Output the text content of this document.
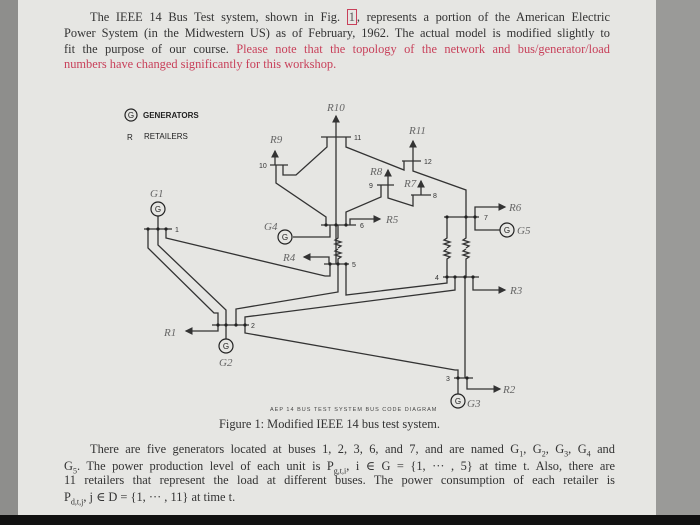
The IEEE 14 Bus Test system, shown in Fig. 1 , represents a portion of the American Electric
Power System (in the Midwestern US) as of February, 1962. The actual model is modified slightly to
fit the purpose of our course. Please note that the topology of the network and bus/generator/load
numbers have changed significantly for this workshop.
G
G
G
G
G
G
GENERATORS
R RETAILERS
G1
G2
G3
G4	G5
R1
R2
R3
R4
R5
R6
R7
R8
R9
R10
R11
1
2
3
4
5
6
7
8
9
10
11
12
AEP 14 BUS TEST SYSTEM BUS CODE DIAGRAM
Figure 1: Modified IEEE 14 bus test system.
There are five generators located at buses 1, 2, 3, 6, and 7, and are named $G_1$, $G_2$, $G_3$, $G_4$ and
$G_5$. The power production level of each unit is $P_{g,t,i}$, i ∈ G = {1, ··· , 5} at time t. Also, there are
11 retailers that represent the load at different buses. The power consumption of each retailer is
$P_{d,t,j}$, j ∈ D = {1, ··· , 11} at time t.
